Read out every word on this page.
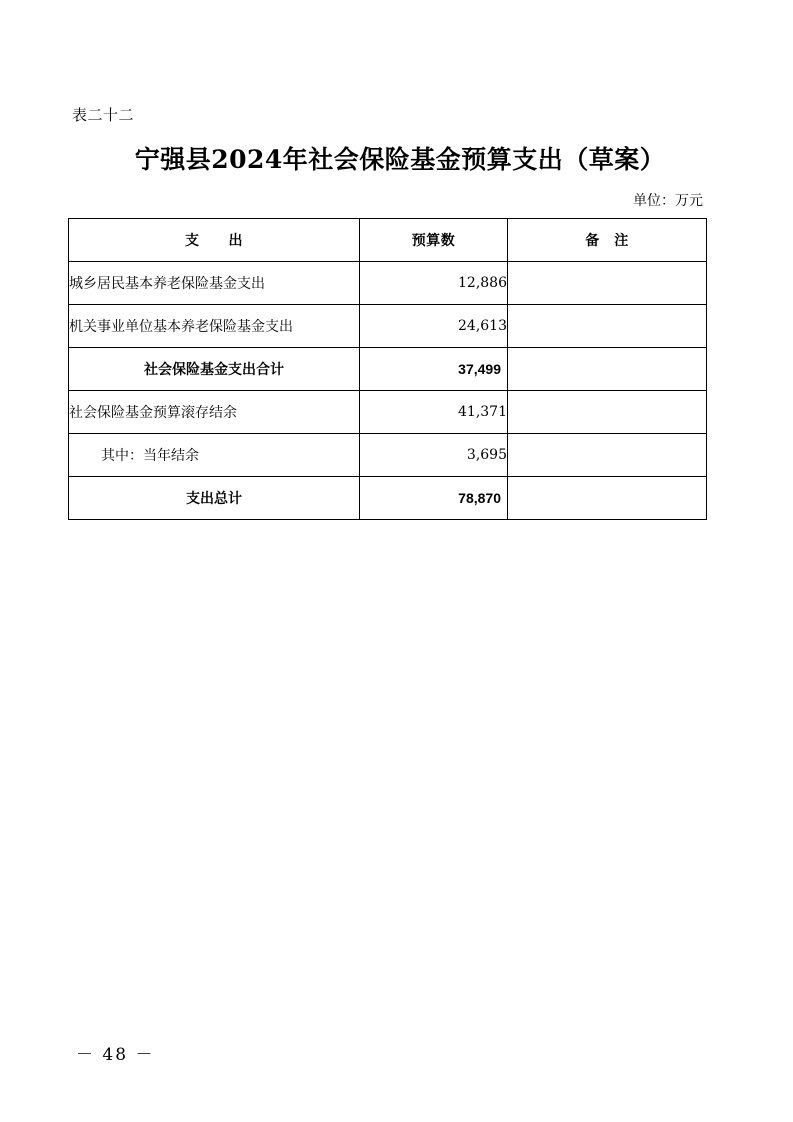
表二十二
宁强县2024年社会保险基金预算支出（草案）
单位：万元
支　　出	预算数	备　注
城乡居民基本养老保险基金支出	12,886	
机关事业单位基本养老保险基金支出	24,613	
社会保险基金支出合计	37,499	
社会保险基金预算滚存结余	41,371	
其中：当年结余	3,695	
支出总计	78,870	
－ 48 －
